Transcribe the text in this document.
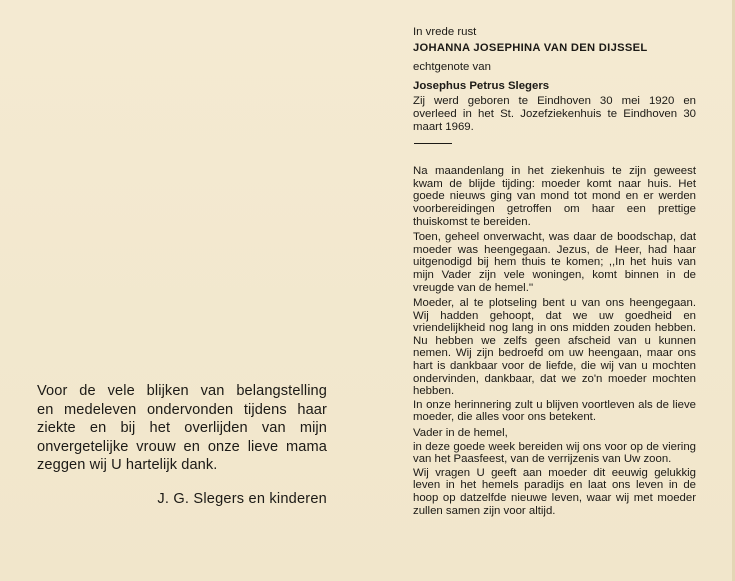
Voor de vele blijken van belangstelling
en medeleven ondervonden tijdens haar
ziekte en bij het overlijden van mijn
onvergetelijke vrouw en onze lieve mama
zeggen wij U hartelijk dank.

J. G. Slegers en kinderen

In vrede rust

JOHANNA JOSEPHINA VAN DEN DIJSSEL

echtgenote van

Josephus Petrus Slegers

Zij werd geboren te Eindhoven 30 mei 1920 en overleed in het St. Jozefziekenhuis te Eindhoven 30 maart 1969.

Na maandenlang in het ziekenhuis te zijn geweest kwam de blijde tijding: moeder komt naar huis. Het goede nieuws ging van mond tot mond en er werden voorbereidingen getroffen om haar een prettige thuiskomst te bereiden.

Toen, geheel onverwacht, was daar de boodschap, dat moeder was heengegaan. Jezus, de Heer, had haar uitgenodigd bij hem thuis te komen; ,,In het huis van mijn Vader zijn vele woningen, komt binnen in de vreugde van de hemel.''

Moeder, al te plotseling bent u van ons heengegaan. Wij hadden gehoopt, dat we uw goedheid en vriendelijkheid nog lang in ons midden zouden hebben. Nu hebben we zelfs geen afscheid van u kunnen nemen. Wij zijn bedroefd om uw heengaan, maar ons hart is dankbaar voor de liefde, die wij van u mochten ondervinden, dankbaar, dat we zo'n moeder mochten hebben.

In onze herinnering zult u blijven voortleven als de lieve moeder, die alles voor ons betekent.

Vader in de hemel,

in deze goede week bereiden wij ons voor op de viering van het Paasfeest, van de verrijzenis van Uw zoon.

Wij vragen U geeft aan moeder dit eeuwig gelukkig leven in het hemels paradijs en laat ons leven in de hoop op datzelfde nieuwe leven, waar wij met moeder zullen samen zijn voor altijd.
